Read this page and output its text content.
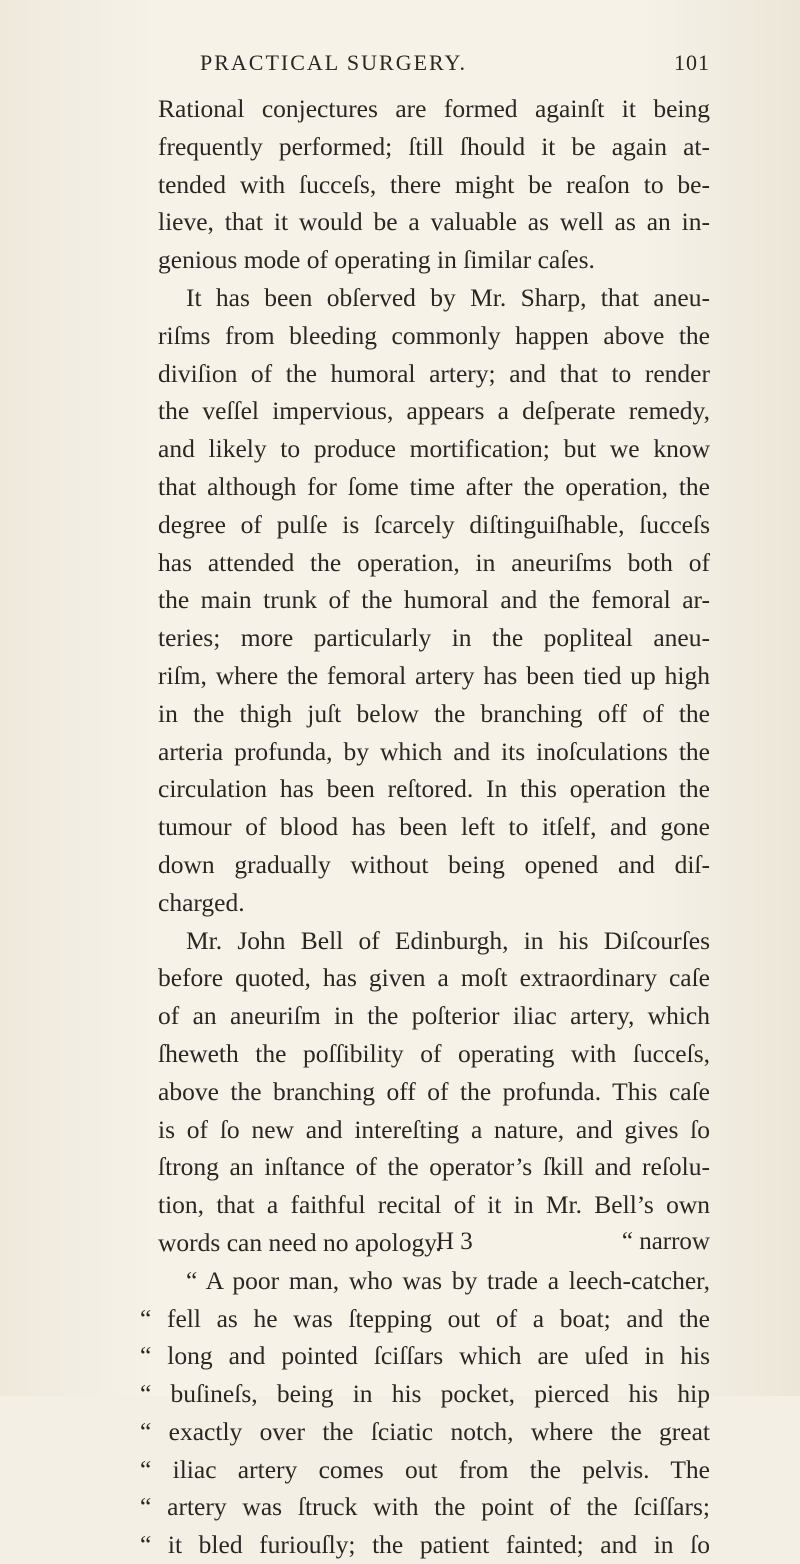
PRACTICAL SURGERY.	101
Rational conjectures are formed againſt it being
frequently performed; ſtill ſhould it be again at-
tended with ſucceſs, there might be reaſon to be-
lieve, that it would be a valuable as well as an in-
genious mode of operating in ſimilar caſes.
It has been obſerved by Mr. Sharp, that aneu-
riſms from bleeding commonly happen above the
diviſion of the humoral artery; and that to render
the veſſel impervious, appears a deſperate remedy,
and likely to produce mortification; but we know
that although for ſome time after the operation, the
degree of pulſe is ſcarcely diſtinguiſhable, ſucceſs
has attended the operation, in aneuriſms both of
the main trunk of the humoral and the femoral ar-
teries; more particularly in the popliteal aneu-
riſm, where the femoral artery has been tied up high
in the thigh juſt below the branching off of the
arteria profunda, by which and its inoſculations the
circulation has been reſtored. In this operation the
tumour of blood has been left to itſelf, and gone
down gradually without being opened and diſ-
charged.
Mr. John Bell of Edinburgh, in his Diſcourſes
before quoted, has given a moſt extraordinary caſe
of an aneuriſm in the poſterior iliac artery, which
ſheweth the poſſibility of operating with ſucceſs,
above the branching off of the profunda. This caſe
is of ſo new and intereſting a nature, and gives ſo
ſtrong an inſtance of the operator’s ſkill and reſolu-
tion, that a faithful recital of it in Mr. Bell’s own
words can need no apology.
“ A poor man, who was by trade a leech-catcher,
“ fell as he was ſtepping out of a boat; and the
“ long and pointed ſciſſars which are uſed in his
“ buſineſs, being in his pocket, pierced his hip
“ exactly over the ſciatic notch, where the great
“ iliac artery comes out from the pelvis. The
“ artery was ſtruck with the point of the ſciſſars;
“ it bled furiouſly; the patient fainted; and in ſo
H 3	“ narrow
